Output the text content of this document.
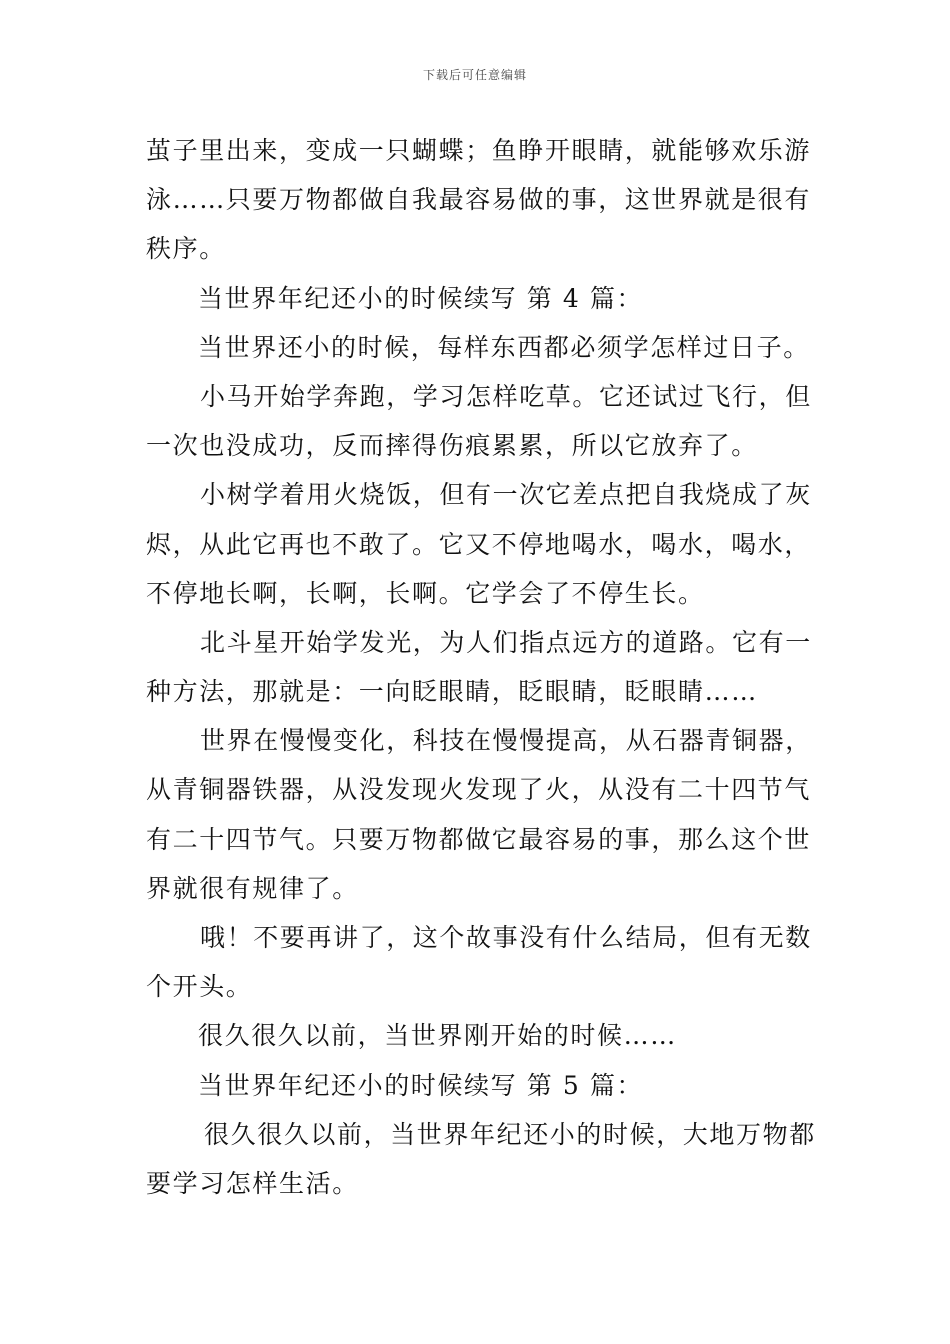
下载后可任意编辑
茧子里出来，变成一只蝴蝶；鱼睁开眼睛，就能够欢乐游
泳……只要万物都做自我最容易做的事，这世界就是很有
秩序。
当世界年纪还小的时候续写 第 4 篇：
当世界还小的时候，每样东西都必须学怎样过日子。
小马开始学奔跑，学习怎样吃草。它还试过飞行，但
一次也没成功，反而摔得伤痕累累，所以它放弃了。
小树学着用火烧饭，但有一次它差点把自我烧成了灰
烬，从此它再也不敢了。它又不停地喝水，喝水，喝水，
不停地长啊，长啊，长啊。它学会了不停生长。
北斗星开始学发光，为人们指点远方的道路。它有一
种方法，那就是：一向眨眼睛，眨眼睛，眨眼睛……
世界在慢慢变化，科技在慢慢提高，从石器青铜器，
从青铜器铁器，从没发现火发现了火，从没有二十四节气
有二十四节气。只要万物都做它最容易的事，那么这个世
界就很有规律了。
哦！不要再讲了，这个故事没有什么结局，但有无数
个开头。
很久很久以前，当世界刚开始的时候……
当世界年纪还小的时候续写 第 5 篇：
很久很久以前，当世界年纪还小的时候，大地万物都
要学习怎样生活。
